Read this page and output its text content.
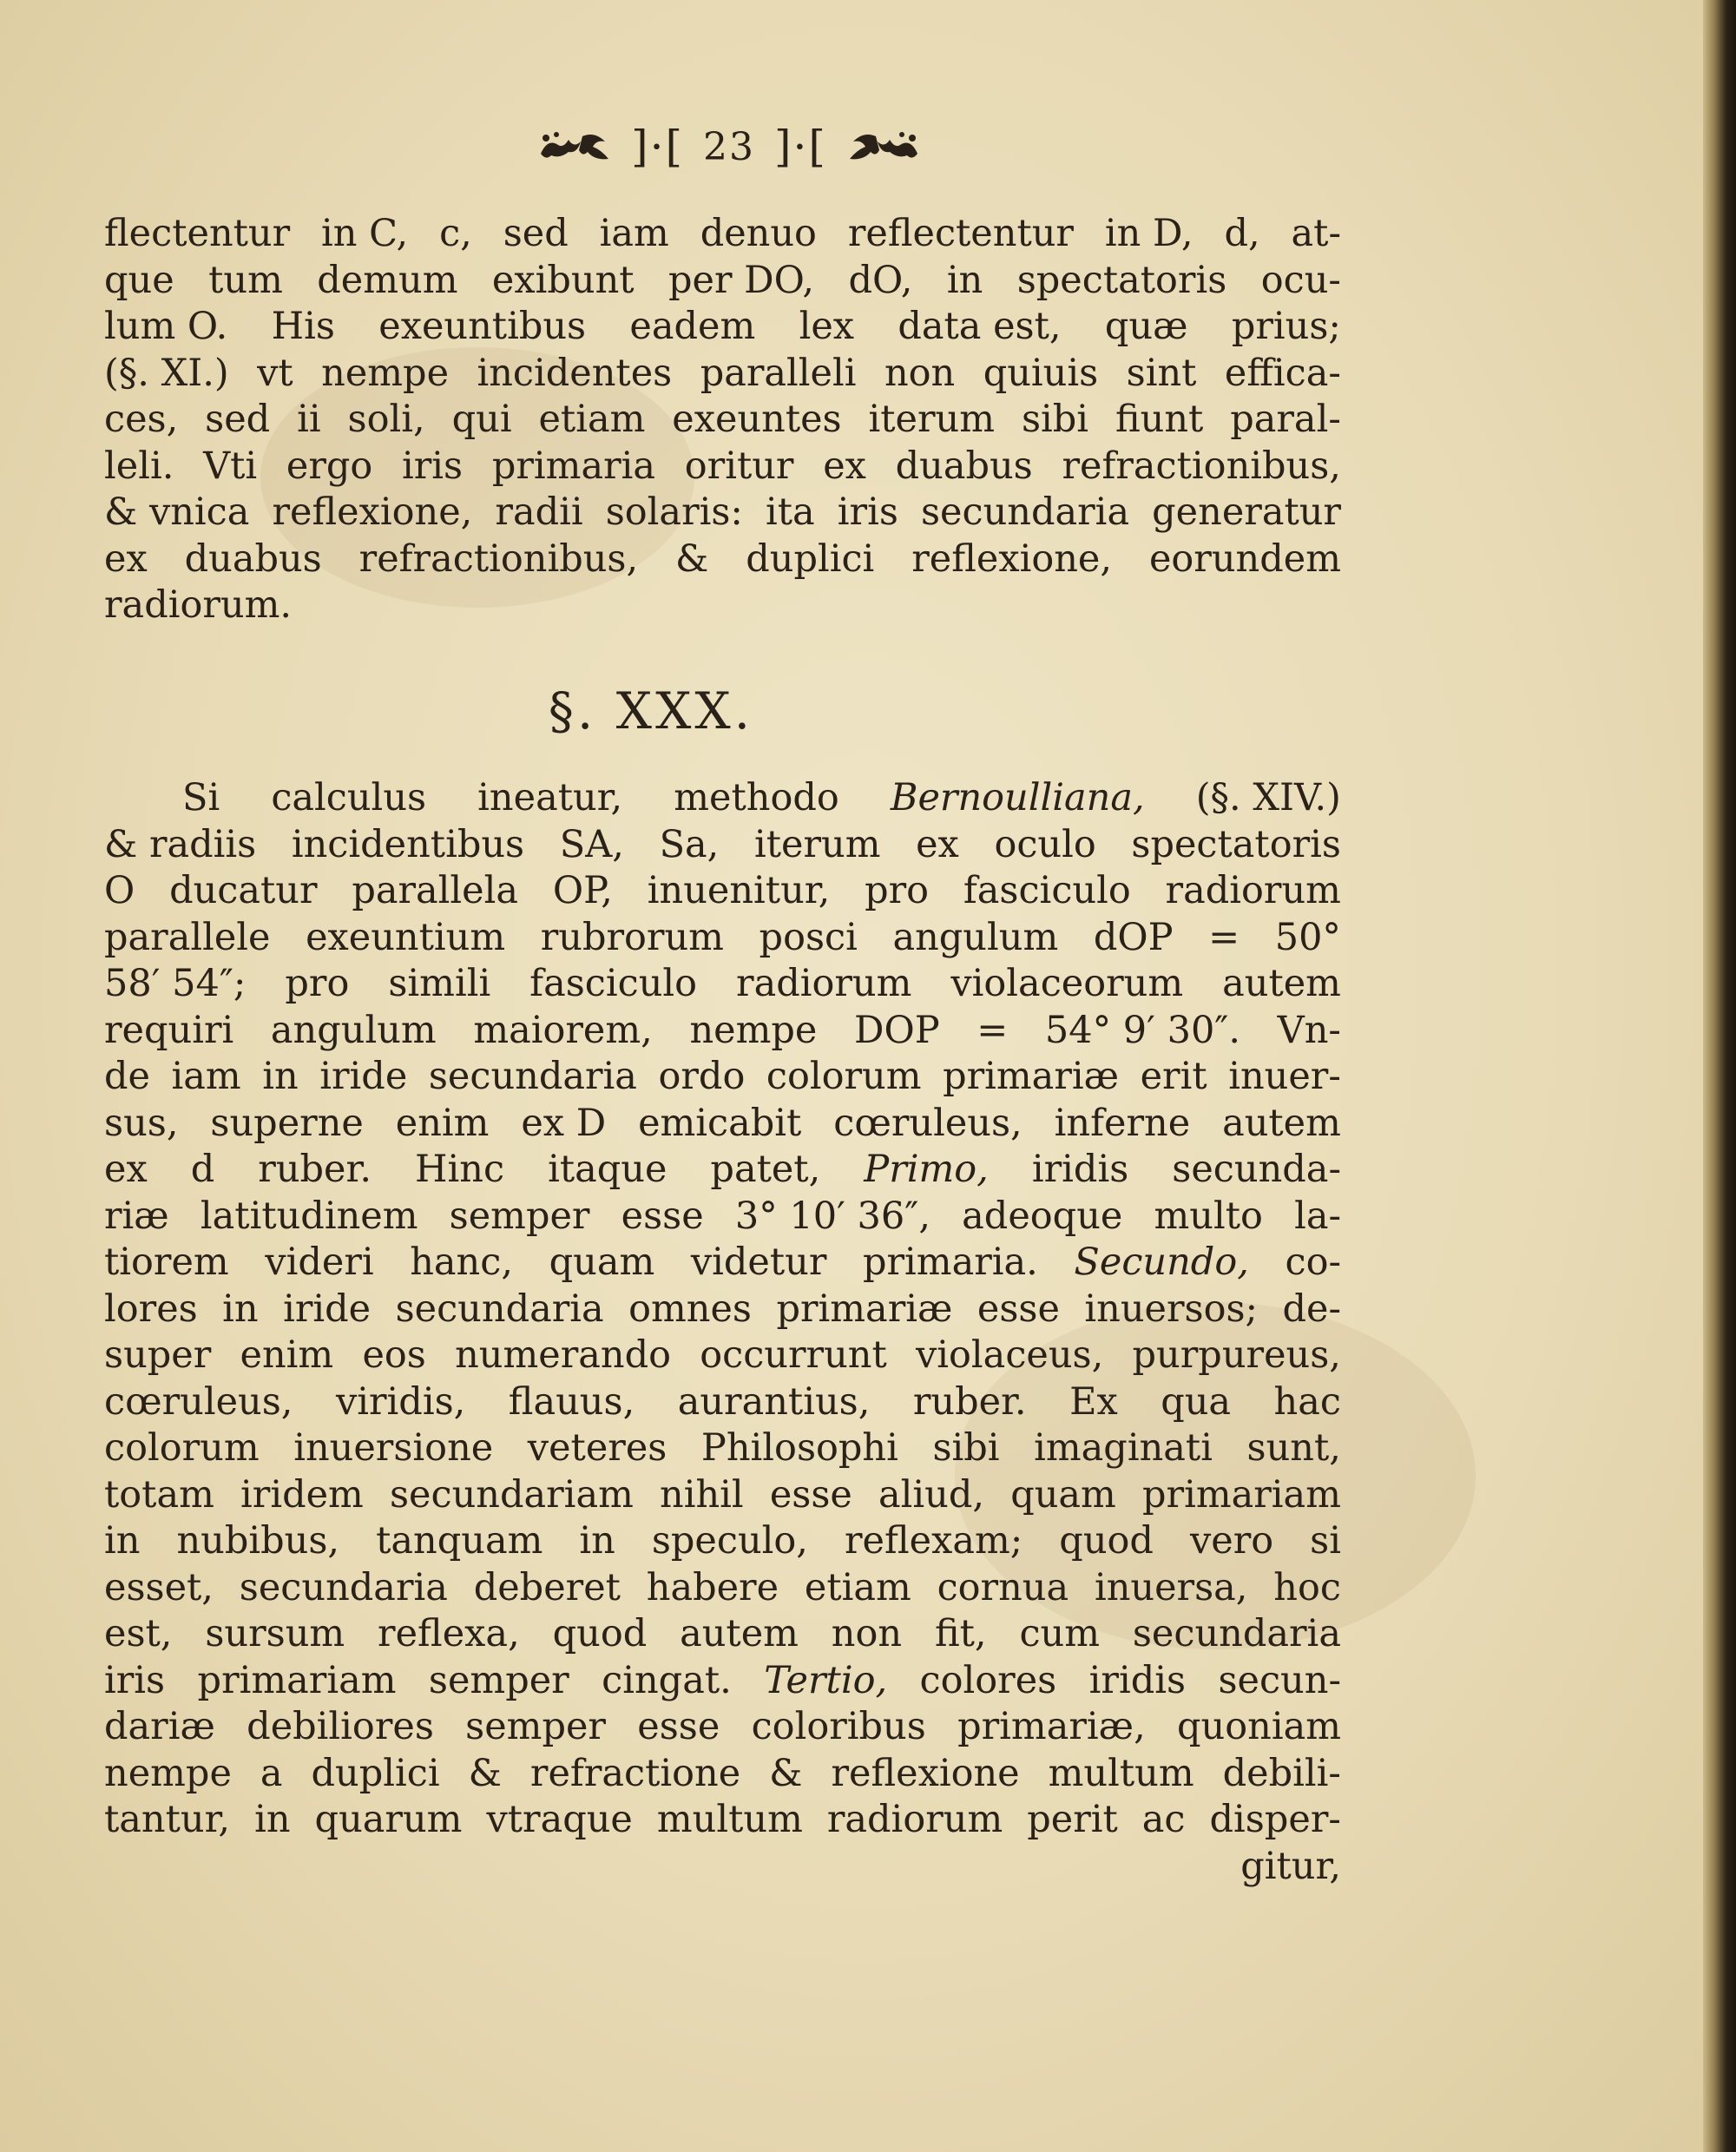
]·[ 23 ]·[
flectentur in C, c, sed iam denuo reflectentur in D, d, at-
que tum demum exibunt per DO, dO, in spectatoris ocu-
lum O. His exeuntibus eadem lex data est, quæ prius;
(§. XI.) vt nempe incidentes paralleli non quiuis sint effica-
ces, sed ii soli, qui etiam exeuntes iterum sibi fiunt paral-
leli. Vti ergo iris primaria oritur ex duabus refractionibus,
& vnica reflexione, radii solaris: ita iris secundaria generatur
ex duabus refractionibus, & duplici reflexione, eorundem
radiorum.
§. XXX.
Si calculus ineatur, methodo Bernoulliana, (§. XIV.)
& radiis incidentibus SA, Sa, iterum ex oculo spectatoris
O ducatur parallela OP, inuenitur, pro fasciculo radiorum
parallele exeuntium rubrorum posci angulum dOP = 50°
58′ 54″; pro simili fasciculo radiorum violaceorum autem
requiri angulum maiorem, nempe DOP = 54° 9′ 30″. Vn-
de iam in iride secundaria ordo colorum primariæ erit inuer-
sus, superne enim ex D emicabit cœruleus, inferne autem
ex d ruber. Hinc itaque patet, Primo, iridis secunda-
riæ latitudinem semper esse 3° 10′ 36″, adeoque multo la-
tiorem videri hanc, quam videtur primaria. Secundo, co-
lores in iride secundaria omnes primariæ esse inuersos; de-
super enim eos numerando occurrunt violaceus, purpureus,
cœruleus, viridis, flauus, aurantius, ruber. Ex qua hac
colorum inuersione veteres Philosophi sibi imaginati sunt,
totam iridem secundariam nihil esse aliud, quam primariam
in nubibus, tanquam in speculo, reflexam; quod vero si
esset, secundaria deberet habere etiam cornua inuersa, hoc
est, sursum reflexa, quod autem non fit, cum secundaria
iris primariam semper cingat. Tertio, colores iridis secun-
dariæ debiliores semper esse coloribus primariæ, quoniam
nempe a duplici & refractione & reflexione multum debili-
tantur, in quarum vtraque multum radiorum perit ac disper-
gitur,
